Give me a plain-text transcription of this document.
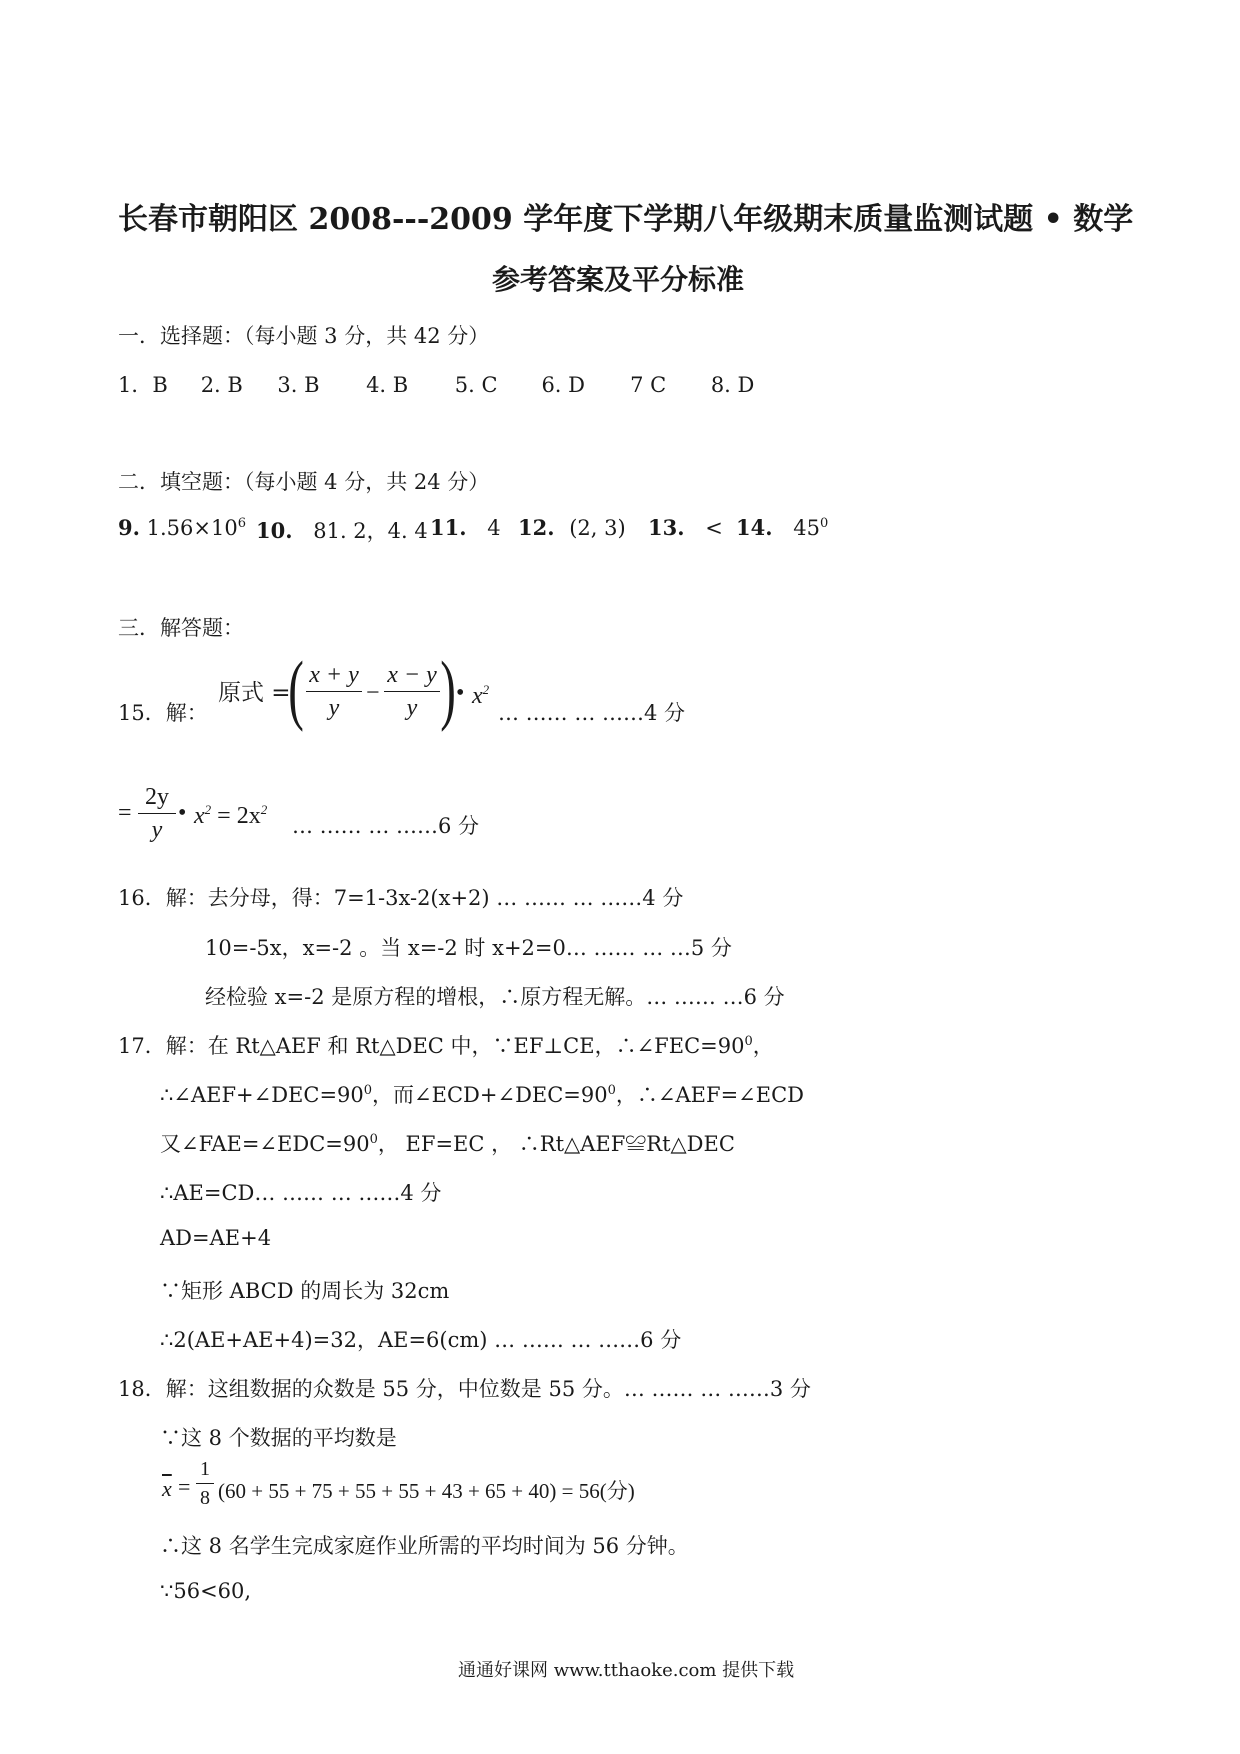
长春市朝阳区 2008---2009 学年度下学期八年级期末质量监测试题 • 数学
参考答案及平分标准
一．选择题：（每小题 3 分，共 42 分）
1．B 2. B 3. B 4. B 5. C 6. D 7 C 8. D
二．填空题：（每小题 4 分，共 24 分）
9. $1.56\times 10^6$ 10. 81. 2，4. 4 11. 4 12. (2, 3) 13. < 14. $45^0$
三．解答题：
15．解：
原式 =
( x + y
y
−
x − y
y ) • $x^2$
… …… … ……4 分
=
2y
y
• $x^2 = 2x^2$
… …… … ……6 分
16．解：去分母，得：7=1-3x-2(x+2) … …… … ……4 分
10=-5x，x=-2 。当 x=-2 时 x+2=0… …… … …5 分
经检验 x=-2 是原方程的增根，∴原方程无解。… …… …6 分
17．解：在 Rt△AEF 和 Rt△DEC 中，∵EF⊥CE，$\therefore\angle FEC=90^0$，
$\therefore\angle AEF+\angle DEC=90^0$，而$\angle ECD+\angle DEC=90^0$，∴∠AEF=∠ECD
又$\angle FAE=\angle EDC=90^0$， EF=EC ， ∴Rt△AEF≌Rt△DEC
∴AE=CD… …… … ……4 分
AD=AE+4
∵矩形 ABCD 的周长为 32cm
∴2(AE+AE+4)=32，AE=6(cm) … …… … ……6 分
18．解：这组数据的众数是 55 分，中位数是 55 分。… …… … ……3 分
∵这 8 个数据的平均数是
$\overline{x}$ =
1
8 (60 + 55 + 75 + 55 + 55 + 43 + 65 + 40) = 56(分)
∴这 8 名学生完成家庭作业所需的平均时间为 56 分钟。
∵56<60,
通通好课网 www.tthaoke.com 提供下载
